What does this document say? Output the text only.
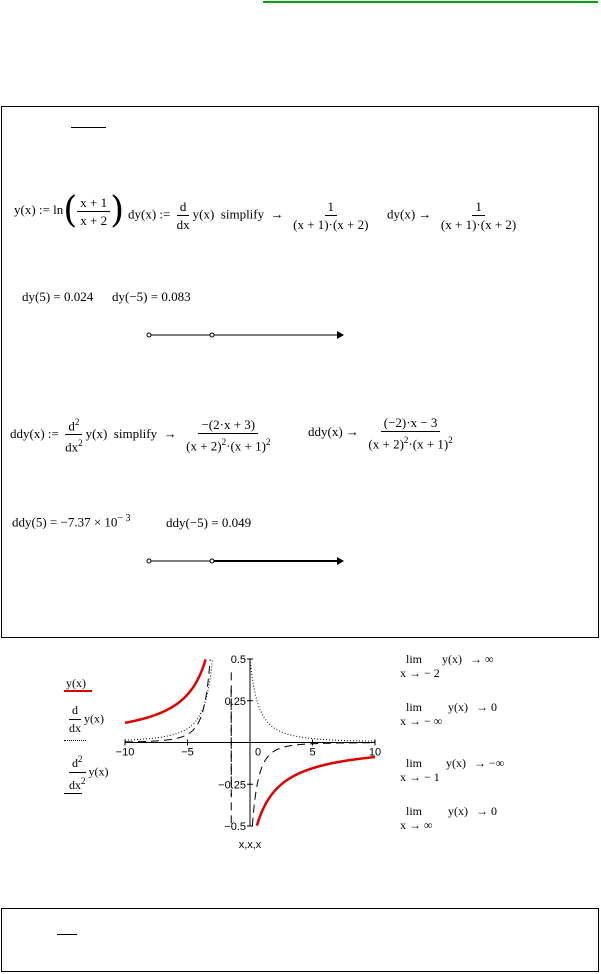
y(x) := $\ln( \frac{x + 1}{x + 2}$ ) dy(x) := $\frac{d}{dx} y(x)$ simplify → $\frac{1}{(x + 1)\cdot(x + 2)} dy(x) \to \frac{1}{(x + 1)\cdot(x + 2)}$
dy(5) = 0.024 dy(−5) = 0.083
ddy(x) := $\frac{d^2}{dx^2} y(x)$ simplify → $\frac{-(2\cdot x + 3)}{(x + 2)^2\cdot(x + 1)^2}$	$ddy(x) \to \frac{(-2)\cdot x - 3}{(x + 2)^2\cdot(x + 1)^2}$
$ddy(5) = -7.37 \times 10^{- 3}$	ddy(−5) = 0.049
y(x)
$\frac{d}{dx} y(x)$
$\frac{d^2}{dx^2} y(x)$
−10	−5	0	5	10
0.5
0.25
−0.25
−0.5
x,x,x
lim y(x) → ∞
x → − 2
lim y(x) → 0
x → − ∞
lim y(x) → −∞
x → − 1
lim y(x) → 0
x → ∞
